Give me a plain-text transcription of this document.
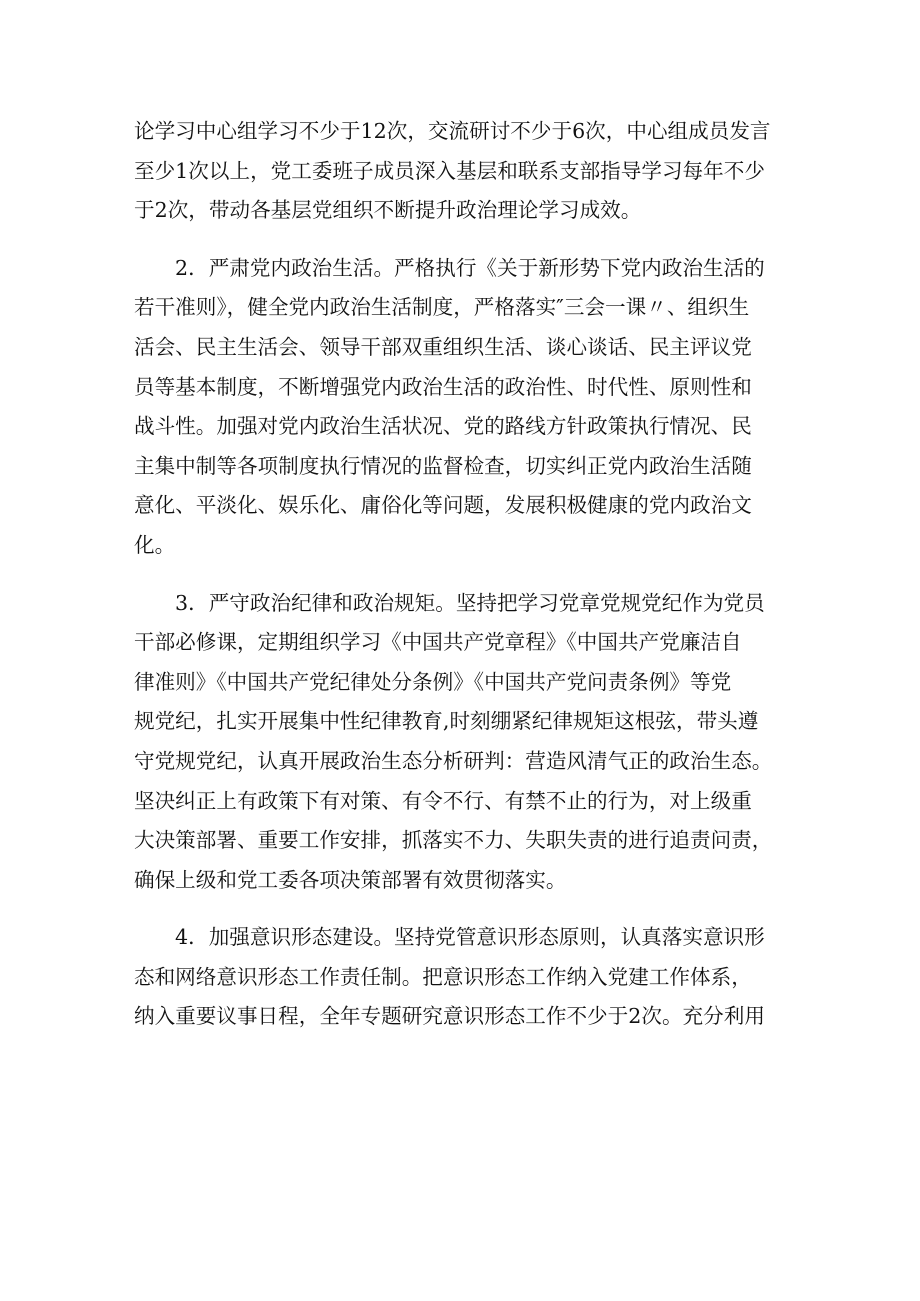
论学习中心组学习不少于12次，交流研讨不少于6次，中心组成员发言
至少1次以上，党工委班子成员深入基层和联系支部指导学习每年不少
于2次，带动各基层党组织不断提升政治理论学习成效。
2．严肃党内政治生活。严格执行《关于新形势下党内政治生活的
若干准则》，健全党内政治生活制度，严格落实″三会一课〃、组织生
活会、民主生活会、领导干部双重组织生活、谈心谈话、民主评议党
员等基本制度，不断增强党内政治生活的政治性、时代性、原则性和
战斗性。加强对党内政治生活状况、党的路线方针政策执行情况、民
主集中制等各项制度执行情况的监督检查，切实纠正党内政治生活随
意化、平淡化、娱乐化、庸俗化等问题，发展积极健康的党内政治文
化。
3．严守政治纪律和政治规矩。坚持把学习党章党规党纪作为党员
干部必修课，定期组织学习《中国共产党章程》《中国共产党廉洁自
律准则》《中国共产党纪律处分条例》《中国共产党问责条例》等党
规党纪，扎实开展集中性纪律教育,时刻绷紧纪律规矩这根弦，带头遵
守党规党纪，认真开展政治生态分析研判：营造风清气正的政治生态。
坚决纠正上有政策下有对策、有令不行、有禁不止的行为，对上级重
大决策部署、重要工作安排，抓落实不力、失职失责的进行追责问责，
确保上级和党工委各项决策部署有效贯彻落实。
4．加强意识形态建设。坚持党管意识形态原则，认真落实意识形
态和网络意识形态工作责任制。把意识形态工作纳入党建工作体系，
纳入重要议事日程，全年专题研究意识形态工作不少于2次。充分利用
